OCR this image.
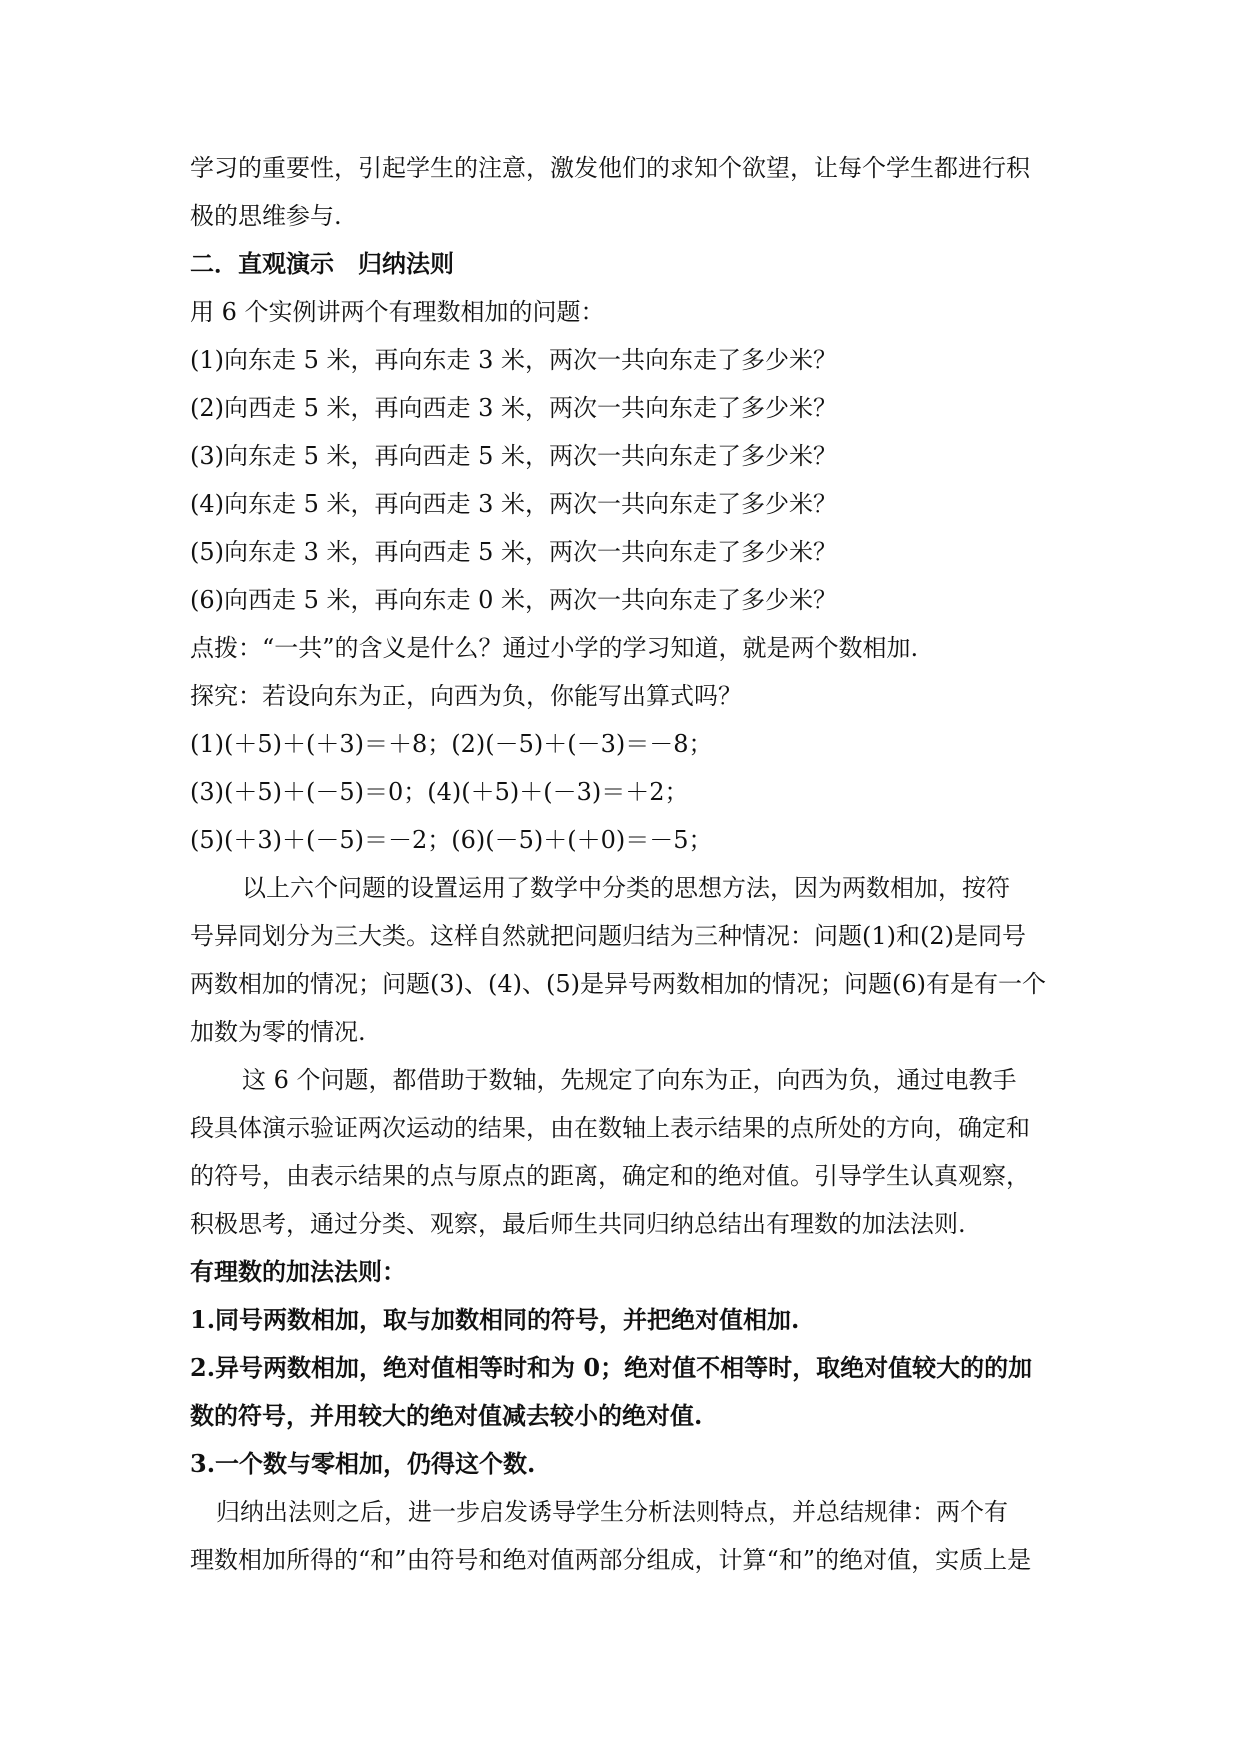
学习的重要性，引起学生的注意，激发他们的求知个欲望，让每个学生都进行积
极的思维参与.
二．直观演示　归纳法则
用 6 个实例讲两个有理数相加的问题：
(1)向东走 5 米，再向东走 3 米，两次一共向东走了多少米？
(2)向西走 5 米，再向西走 3 米，两次一共向东走了多少米？
(3)向东走 5 米，再向西走 5 米，两次一共向东走了多少米？
(4)向东走 5 米，再向西走 3 米，两次一共向东走了多少米？
(5)向东走 3 米，再向西走 5 米，两次一共向东走了多少米？
(6)向西走 5 米，再向东走 0 米，两次一共向东走了多少米？
点拨：“一共”的含义是什么？通过小学的学习知道，就是两个数相加.
探究：若设向东为正，向西为负，你能写出算式吗？
(1)(＋5)＋(＋3)＝＋8；(2)(－5)＋(－3)＝－8；
(3)(＋5)＋(－5)＝0；(4)(＋5)＋(－3)＝＋2；
(5)(＋3)＋(－5)＝－2；(6)(－5)＋(＋0)＝－5；
以上六个问题的设置运用了数学中分类的思想方法，因为两数相加，按符
号异同划分为三大类。这样自然就把问题归结为三种情况：问题(1)和(2)是同号
两数相加的情况；问题(3)、(4)、(5)是异号两数相加的情况；问题(6)有是有一个
加数为零的情况.
这 6 个问题，都借助于数轴，先规定了向东为正，向西为负，通过电教手
段具体演示验证两次运动的结果，由在数轴上表示结果的点所处的方向，确定和
的符号，由表示结果的点与原点的距离，确定和的绝对值。引导学生认真观察，
积极思考，通过分类、观察，最后师生共同归纳总结出有理数的加法法则.
有理数的加法法则：
1.同号两数相加，取与加数相同的符号，并把绝对值相加.
2.异号两数相加，绝对值相等时和为 0；绝对值不相等时，取绝对值较大的的加
数的符号，并用较大的绝对值减去较小的绝对值.
3.一个数与零相加，仍得这个数.
归纳出法则之后，进一步启发诱导学生分析法则特点，并总结规律：两个有
理数相加所得的“和”由符号和绝对值两部分组成，计算“和”的绝对值，实质上是
